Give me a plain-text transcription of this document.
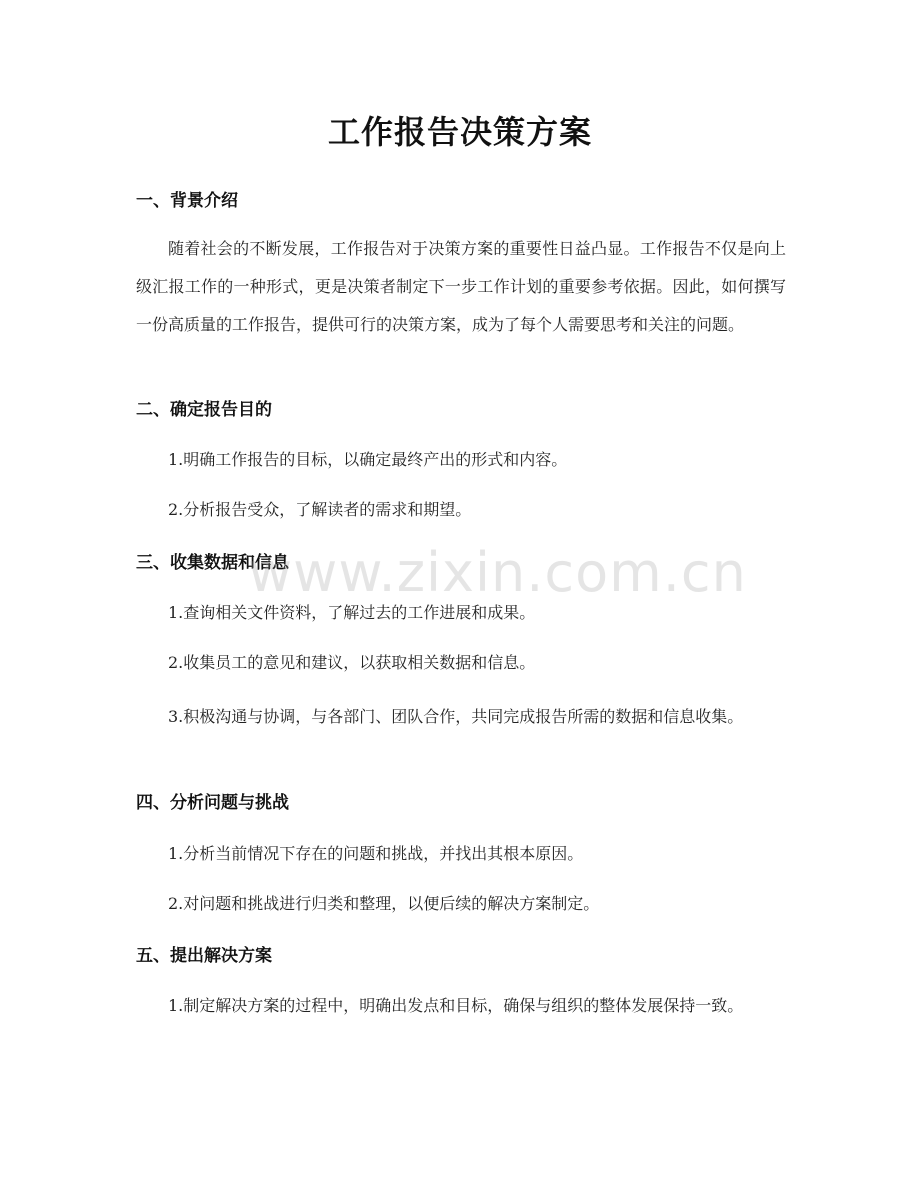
工作报告决策方案
一、背景介绍
随着社会的不断发展，工作报告对于决策方案的重要性日益凸显。工作报告不仅是向上级汇报工作的一种形式，更是决策者制定下一步工作计划的重要参考依据。因此，如何撰写一份高质量的工作报告，提供可行的决策方案，成为了每个人需要思考和关注的问题。
二、确定报告目的
1.明确工作报告的目标，以确定最终产出的形式和内容。
2.分析报告受众，了解读者的需求和期望。
三、收集数据和信息
1.查询相关文件资料，了解过去的工作进展和成果。
2.收集员工的意见和建议，以获取相关数据和信息。
3.积极沟通与协调，与各部门、团队合作，共同完成报告所需的数据和信息收集。
四、分析问题与挑战
1.分析当前情况下存在的问题和挑战，并找出其根本原因。
2.对问题和挑战进行归类和整理，以便后续的解决方案制定。
五、提出解决方案
1.制定解决方案的过程中，明确出发点和目标，确保与组织的整体发展保持一致。
www.zixin.com.cn
